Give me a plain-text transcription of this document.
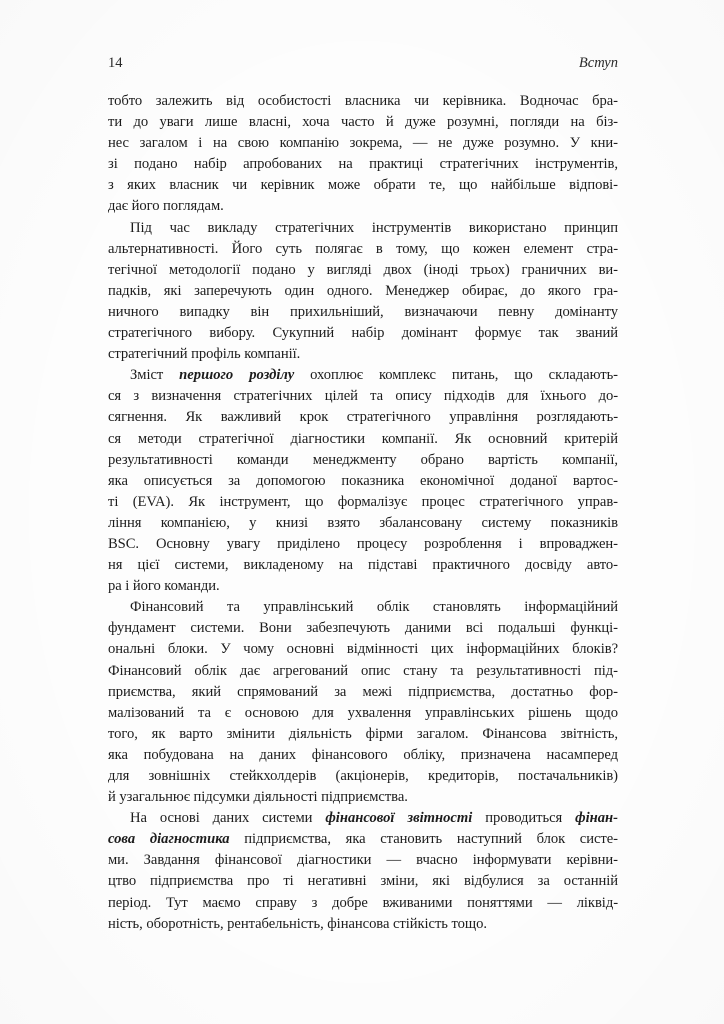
14	Вступ
тобто залежить від особистості власника чи керівника. Водночас бра-
ти до уваги лише власні, хоча часто й дуже розумні, погляди на біз-
нес загалом і на свою компанію зокрема, — не дуже розумно. У кни-
зі подано набір апробованих на практиці стратегічних інструментів,
з яких власник чи керівник може обрати те, що найбільше відпові-
дає його поглядам.
Під час викладу стратегічних інструментів використано принцип
альтернативності. Його суть полягає в тому, що кожен елемент стра-
тегічної методології подано у вигляді двох (іноді трьох) граничних ви-
падків, які заперечують один одного. Менеджер обирає, до якого гра-
ничного випадку він прихильніший, визначаючи певну домінанту
стратегічного вибору. Сукупний набір домінант формує так званий
стратегічний профіль компанії.
Зміст першого розділу охоплює комплекс питань, що складають-
ся з визначення стратегічних цілей та опису підходів для їхнього до-
сягнення. Як важливий крок стратегічного управління розглядають-
ся методи стратегічної діагностики компанії. Як основний критерій
результативності команди менеджменту обрано вартість компанії,
яка описується за допомогою показника економічної доданої вартос-
ті (EVA). Як інструмент, що формалізує процес стратегічного управ-
ління компанією, у книзі взято збалансовану систему показників
BSC. Основну увагу приділено процесу розроблення і впроваджен-
ня цієї системи, викладеному на підставі практичного досвіду авто-
ра і його команди.
Фінансовий та управлінський облік становлять інформаційний
фундамент системи. Вони забезпечують даними всі подальші функці-
ональні блоки. У чому основні відмінності цих інформаційних блоків?
Фінансовий облік дає агрегований опис стану та результативності під-
приємства, який спрямований за межі підприємства, достатньо фор-
малізований та є основою для ухвалення управлінських рішень щодо
того, як варто змінити діяльність фірми загалом. Фінансова звітність,
яка побудована на даних фінансового обліку, призначена насамперед
для зовнішніх стейкхолдерів (акціонерів, кредиторів, постачальників)
й узагальнює підсумки діяльності підприємства.
На основі даних системи фінансової звітності проводиться фінан-
сова діагностика підприємства, яка становить наступний блок систе-
ми. Завдання фінансової діагностики — вчасно інформувати керівни-
цтво підприємства про ті негативні зміни, які відбулися за останній
період. Тут маємо справу з добре вживаними поняттями — ліквід-
ність, оборотність, рентабельність, фінансова стійкість тощо.
